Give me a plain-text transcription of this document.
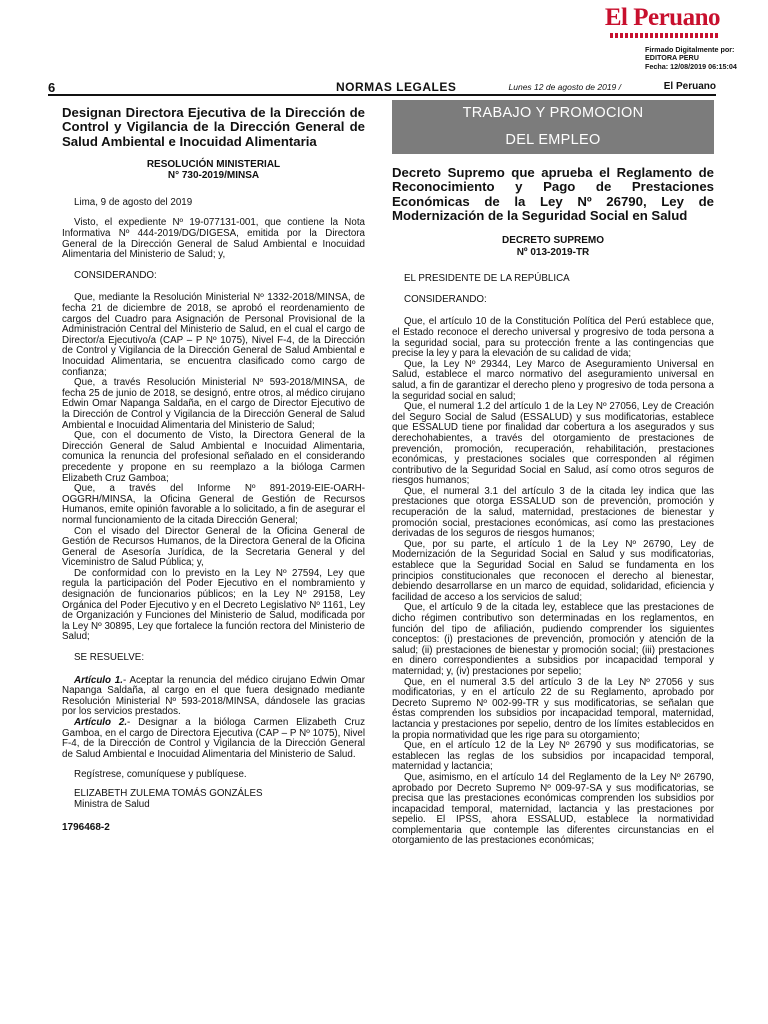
El Peruano
Firmado Digitalmente por:
EDITORA PERU
Fecha: 12/08/2019 06:15:04
6	NORMAS LEGALES	Lunes 12 de agosto de 2019 /	El Peruano
Designan Directora Ejecutiva de la Dirección de Control y Vigilancia de la Dirección General de Salud Ambiental e Inocuidad Alimentaria
RESOLUCIÓN MINISTERIAL
N° 730-2019/MINSA

Lima, 9 de agosto del 2019

Visto, el expediente Nº 19-077131-001, que contiene la Nota Informativa Nº 444-2019/DG/DIGESA, emitida por la Directora General de la Dirección General de Salud Ambiental e Inocuidad Alimentaria del Ministerio de Salud; y,

CONSIDERANDO:

Que, mediante la Resolución Ministerial Nº 1332-2018/MINSA, de fecha 21 de diciembre de 2018, se aprobó el reordenamiento de cargos del Cuadro para Asignación de Personal Provisional de la Administración Central del Ministerio de Salud, en el cual el cargo de Director/a Ejecutivo/a (CAP – P Nº 1075), Nivel F-4, de la Dirección de Control y Vigilancia de la Dirección General de Salud Ambiental e Inocuidad Alimentaria, se encuentra clasificado como cargo de confianza;

Que, a través Resolución Ministerial Nº 593-2018/MINSA, de fecha 25 de junio de 2018, se designó, entre otros, al médico cirujano Edwin Omar Napanga Saldaña, en el cargo de Director Ejecutivo de la Dirección de Control y Vigilancia de la Dirección General de Salud Ambiental e Inocuidad Alimentaria del Ministerio de Salud;

Que, con el documento de Visto, la Directora General de la Dirección General de Salud Ambiental e Inocuidad Alimentaria, comunica la renuncia del profesional señalado en el considerando precedente y propone en su reemplazo a la bióloga Carmen Elizabeth Cruz Gamboa;

Que, a través del Informe Nº 891-2019-EIE-OARH-OGGRH/MINSA, la Oficina General de Gestión de Recursos Humanos, emite opinión favorable a lo solicitado, a fin de asegurar el normal funcionamiento de la citada Dirección General;

Con el visado del Director General de la Oficina General de Gestión de Recursos Humanos, de la Directora General de la Oficina General de Asesoría Jurídica, de la Secretaria General y del Viceministro de Salud Pública; y,

De conformidad con lo previsto en la Ley Nº 27594, Ley que regula la participación del Poder Ejecutivo en el nombramiento y designación de funcionarios públicos; en la Ley Nº 29158, Ley Orgánica del Poder Ejecutivo y en el Decreto Legislativo Nº 1161, Ley de Organización y Funciones del Ministerio de Salud, modificada por la Ley Nº 30895, Ley que fortalece la función rectora del Ministerio de Salud;

SE RESUELVE:

Artículo 1.- Aceptar la renuncia del médico cirujano Edwin Omar Napanga Saldaña, al cargo en el que fuera designado mediante Resolución Ministerial Nº 593-2018/MINSA, dándosele las gracias por los servicios prestados.

Artículo 2.- Designar a la bióloga Carmen Elizabeth Cruz Gamboa, en el cargo de Directora Ejecutiva (CAP – P Nº 1075), Nivel F-4, de la Dirección de Control y Vigilancia de la Dirección General de Salud Ambiental e Inocuidad Alimentaria del Ministerio de Salud.

Regístrese, comuníquese y publíquese.

ELIZABETH ZULEMA TOMÁS GONZÁLES
Ministra de Salud
1796468-2
TRABAJO Y PROMOCION
DEL EMPLEO
Decreto Supremo que aprueba el Reglamento de Reconocimiento y Pago de Prestaciones Económicas de la Ley Nº 26790, Ley de Modernización de la Seguridad Social en Salud
DECRETO SUPREMO
Nº 013-2019-TR

EL PRESIDENTE DE LA REPÚBLICA

CONSIDERANDO:

Que, el artículo 10 de la Constitución Política del Perú establece que, el Estado reconoce el derecho universal y progresivo de toda persona a la seguridad social, para su protección frente a las contingencias que precise la ley y para la elevación de su calidad de vida;

Que, la Ley Nº 29344, Ley Marco de Aseguramiento Universal en Salud, establece el marco normativo del aseguramiento universal en salud, a fin de garantizar el derecho pleno y progresivo de toda persona a la seguridad social en salud;

Que, el numeral 1.2 del artículo 1 de la Ley Nº 27056, Ley de Creación del Seguro Social de Salud (ESSALUD) y sus modificatorias, establece que ESSALUD tiene por finalidad dar cobertura a los asegurados y sus derechohabientes, a través del otorgamiento de prestaciones de prevención, promoción, recuperación, rehabilitación, prestaciones económicas, y prestaciones sociales que corresponden al régimen contributivo de la Seguridad Social en Salud, así como otros seguros de riesgos humanos;

Que, el numeral 3.1 del artículo 3 de la citada ley indica que las prestaciones que otorga ESSALUD son de prevención, promoción y recuperación de la salud, maternidad, prestaciones de bienestar y promoción social, prestaciones económicas, así como las prestaciones derivadas de los seguros de riesgos humanos;

Que, por su parte, el artículo 1 de la Ley Nº 26790, Ley de Modernización de la Seguridad Social en Salud y sus modificatorias, establece que la Seguridad Social en Salud se fundamenta en los principios constitucionales que reconocen el derecho al bienestar, debiendo desarrollarse en un marco de equidad, solidaridad, eficiencia y facilidad de acceso a los servicios de salud;

Que, el artículo 9 de la citada ley, establece que las prestaciones de dicho régimen contributivo son determinadas en los reglamentos, en función del tipo de afiliación, pudiendo comprender los siguientes conceptos: (i) prestaciones de prevención, promoción y atención de la salud; (ii) prestaciones de bienestar y promoción social; (iii) prestaciones en dinero correspondientes a subsidios por incapacidad temporal y maternidad; y, (iv) prestaciones por sepelio;

Que, en el numeral 3.5 del artículo 3 de la Ley Nº 27056 y sus modificatorias, y en el artículo 22 de su Reglamento, aprobado por Decreto Supremo Nº 002-99-TR y sus modificatorias, se señalan que éstas comprenden los subsidios por incapacidad temporal, maternidad, lactancia y prestaciones por sepelio, dentro de los límites establecidos en la propia normatividad que les rige para su otorgamiento;

Que, en el artículo 12 de la Ley Nº 26790 y sus modificatorias, se establecen las reglas de los subsidios por incapacidad temporal, maternidad y lactancia;

Que, asimismo, en el artículo 14 del Reglamento de la Ley Nº 26790, aprobado por Decreto Supremo Nº 009-97-SA y sus modificatorias, se precisa que las prestaciones económicas comprenden los subsidios por incapacidad temporal, maternidad, lactancia y las prestaciones por sepelio. El IPSS, ahora ESSALUD, establece la normatividad complementaria que contemple las diferentes circunstancias en el otorgamiento de las prestaciones económicas;
